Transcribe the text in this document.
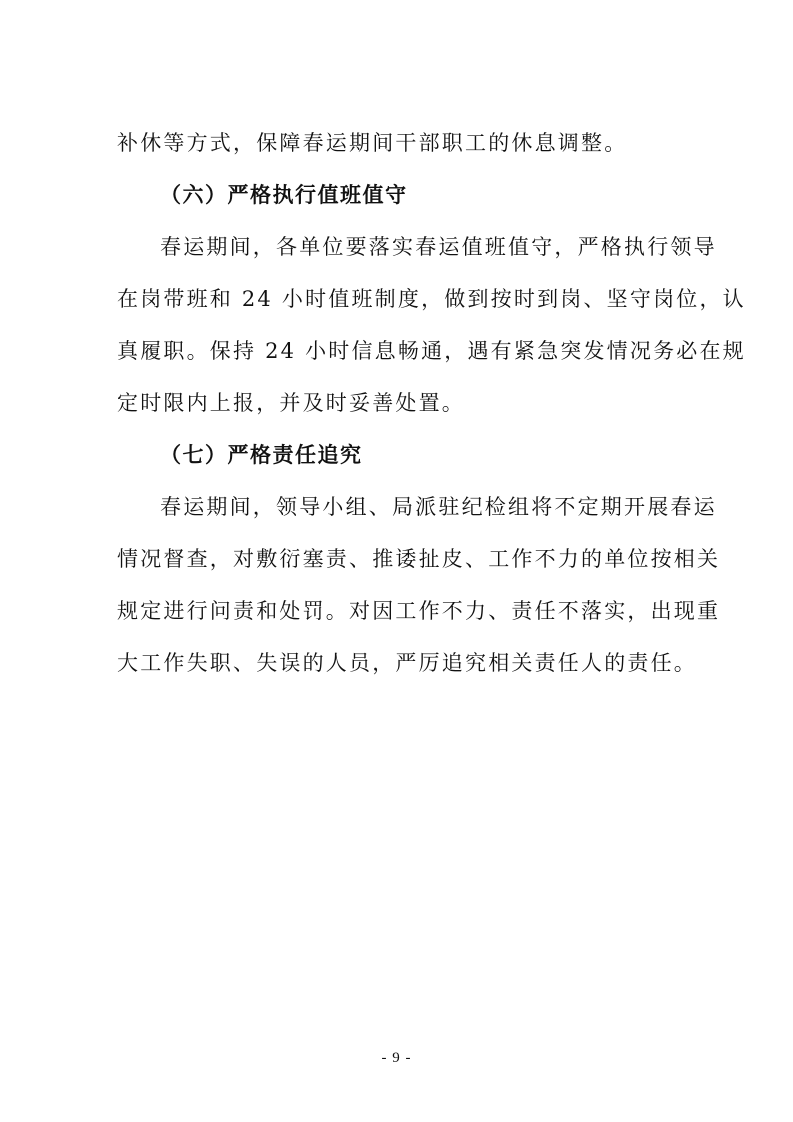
补休等方式，保障春运期间干部职工的休息调整。
（六）严格执行值班值守
春运期间，各单位要落实春运值班值守，严格执行领导
在岗带班和 24 小时值班制度，做到按时到岗、坚守岗位，认
真履职。保持 24 小时信息畅通，遇有紧急突发情况务必在规
定时限内上报，并及时妥善处置。
（七）严格责任追究
春运期间，领导小组、局派驻纪检组将不定期开展春运
情况督查，对敷衍塞责、推诿扯皮、工作不力的单位按相关
规定进行问责和处罚。对因工作不力、责任不落实，出现重
大工作失职、失误的人员，严厉追究相关责任人的责任。
- 9 -
